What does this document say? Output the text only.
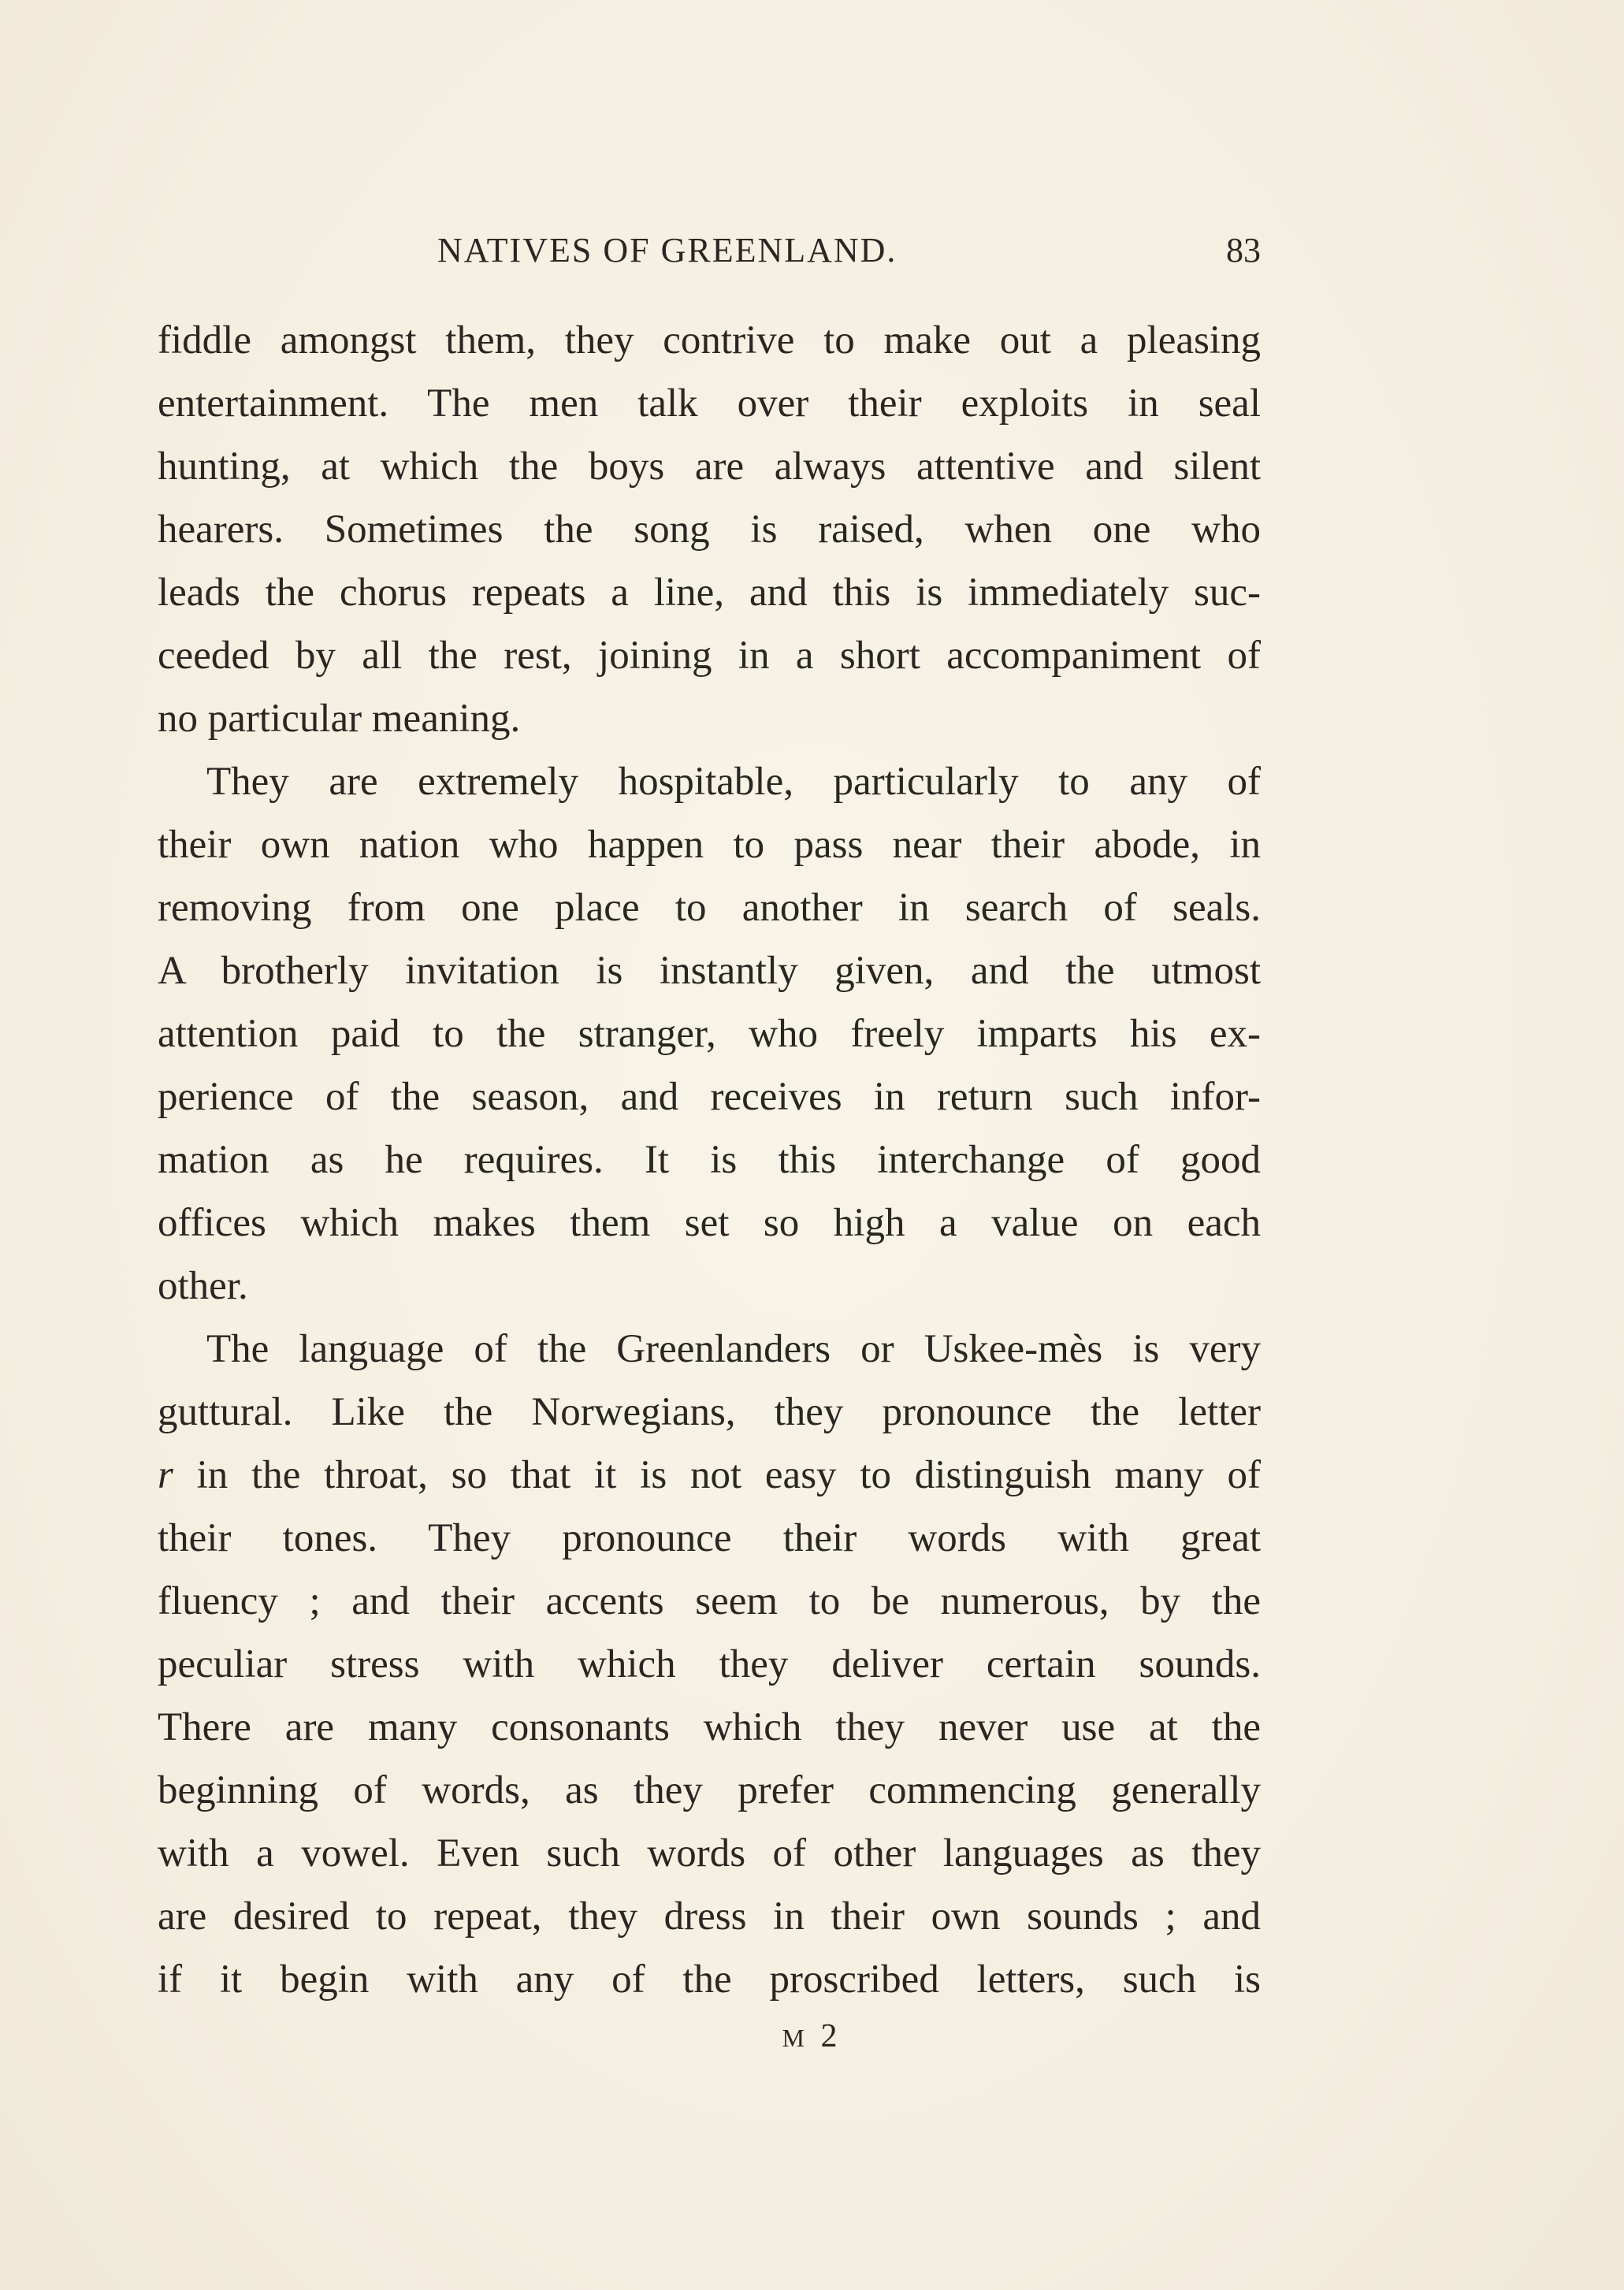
NATIVES OF GREENLAND.	83
fiddle amongst them, they contrive to make out a pleasing
entertainment. The men talk over their exploits in seal
hunting, at which the boys are always attentive and silent
hearers. Sometimes the song is raised, when one who
leads the chorus repeats a line, and this is immediately suc-
ceeded by all the rest, joining in a short accompaniment of
no particular meaning.
They are extremely hospitable, particularly to any of
their own nation who happen to pass near their abode, in
removing from one place to another in search of seals.
A brotherly invitation is instantly given, and the utmost
attention paid to the stranger, who freely imparts his ex-
perience of the season, and receives in return such infor-
mation as he requires. It is this interchange of good
offices which makes them set so high a value on each
other.
The language of the Greenlanders or Uskee-mès is very
guttural. Like the Norwegians, they pronounce the letter
r in the throat, so that it is not easy to distinguish many of
their tones. They pronounce their words with great
fluency ; and their accents seem to be numerous, by the
peculiar stress with which they deliver certain sounds.
There are many consonants which they never use at the
beginning of words, as they prefer commencing generally
with a vowel. Even such words of other languages as they
are desired to repeat, they dress in their own sounds ; and
if it begin with any of the proscribed letters, such is
M 2
